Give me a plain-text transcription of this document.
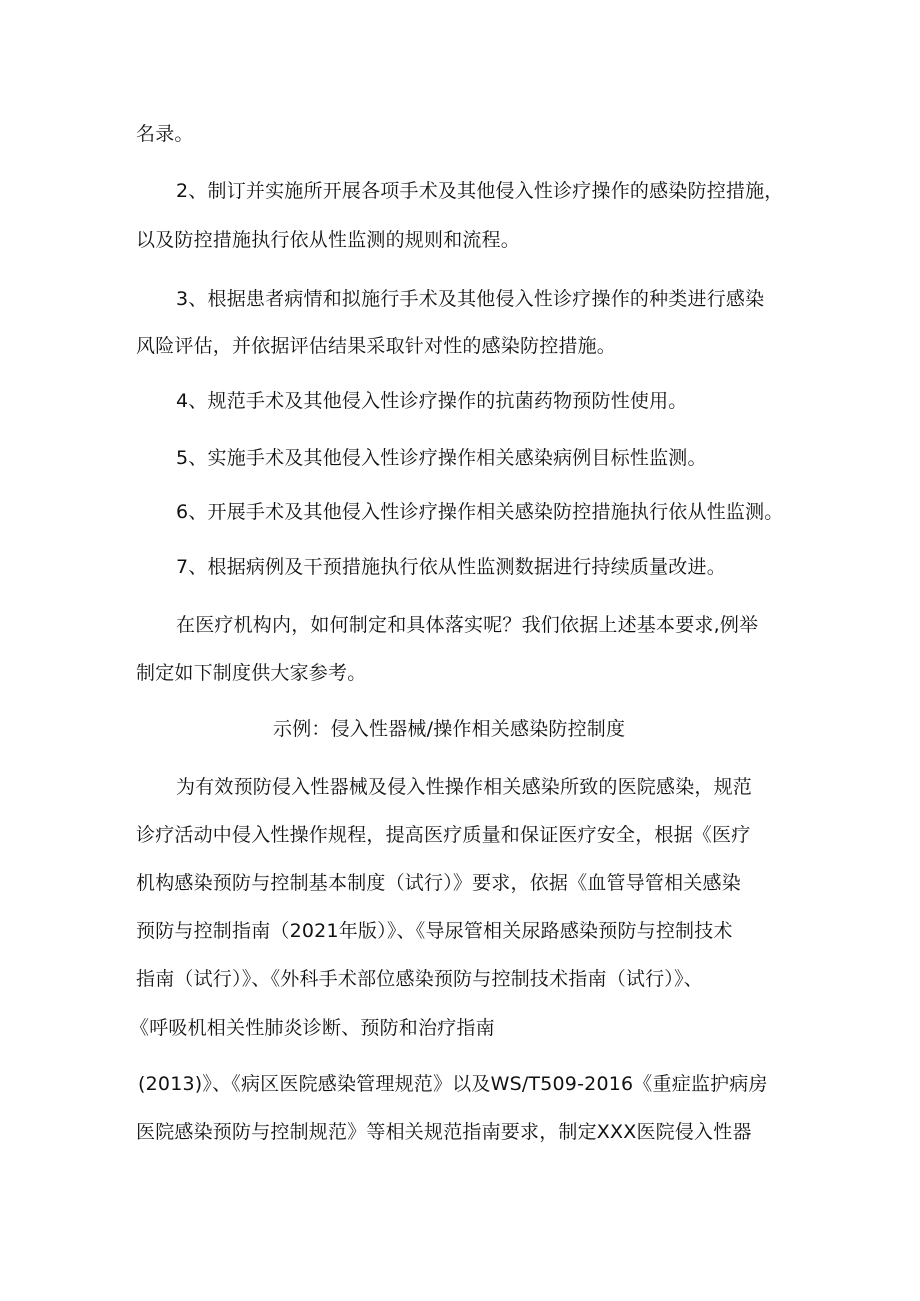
名录。
2、制订并实施所开展各项手术及其他侵入性诊疗操作的感染防控措施，
以及防控措施执行依从性监测的规则和流程。
3、根据患者病情和拟施行手术及其他侵入性诊疗操作的种类进行感染
风险评估，并依据评估结果采取针对性的感染防控措施。
4、规范手术及其他侵入性诊疗操作的抗菌药物预防性使用。
5、实施手术及其他侵入性诊疗操作相关感染病例目标性监测。
6、开展手术及其他侵入性诊疗操作相关感染防控措施执行依从性监测。
7、根据病例及干预措施执行依从性监测数据进行持续质量改进。
在医疗机构内，如何制定和具体落实呢？我们依据上述基本要求,例举
制定如下制度供大家参考。
示例：侵入性器械/操作相关感染防控制度
为有效预防侵入性器械及侵入性操作相关感染所致的医院感染，规范
诊疗活动中侵入性操作规程，提高医疗质量和保证医疗安全，根据《医疗
机构感染预防与控制基本制度（试行）》要求，依据《血管导管相关感染
预防与控制指南（2021年版）》、《导尿管相关尿路感染预防与控制技术
指南（试行）》、《外科手术部位感染预防与控制技术指南（试行）》、
《呼吸机相关性肺炎诊断、预防和治疗指南
(2013)》、《病区医院感染管理规范》以及WS/T509-2016《重症监护病房
医院感染预防与控制规范》等相关规范指南要求，制定XXX医院侵入性器
